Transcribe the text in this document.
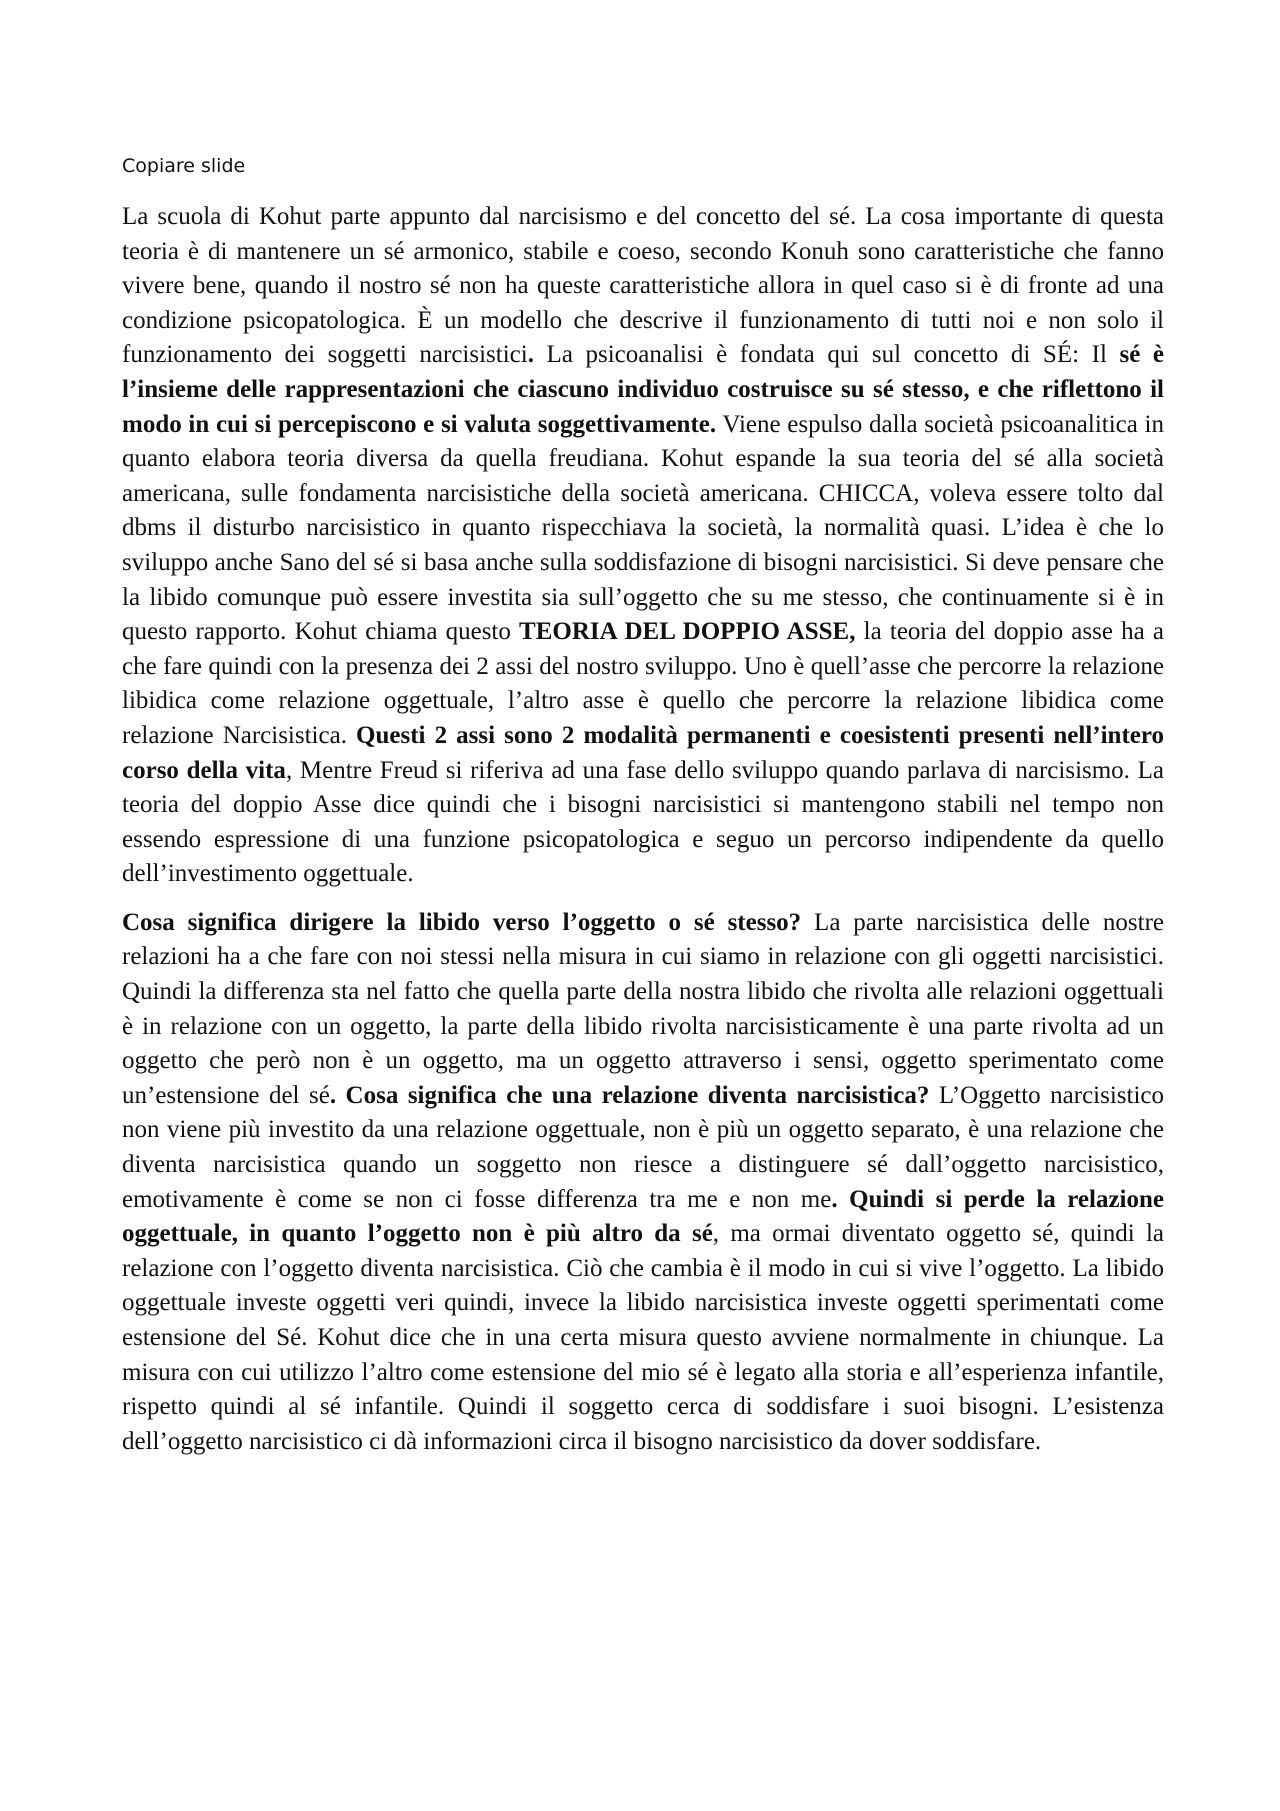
Copiare slide

La scuola di Kohut parte appunto dal narcisismo e del concetto del sé. La cosa importante di questa teoria è di mantenere un sé armonico, stabile e coeso, secondo Konuh sono caratteristiche che fanno vivere bene, quando il nostro sé non ha queste caratteristiche allora in quel caso si è di fronte ad una condizione psicopatologica. È un modello che descrive il funzionamento di tutti noi e non solo il funzionamento dei soggetti narcisistici. La psicoanalisi è fondata qui sul concetto di SÉ: Il sé è l’insieme delle rappresentazioni che ciascuno individuo costruisce su sé stesso, e che riflettono il modo in cui si percepiscono e si valuta soggettivamente. Viene espulso dalla società psicoanalitica in quanto elabora teoria diversa da quella freudiana. Kohut espande la sua teoria del sé alla società americana, sulle fondamenta narcisistiche della società americana. CHICCA, voleva essere tolto dal dbms il disturbo narcisistico in quanto rispecchiava la società, la normalità quasi. L’idea è che lo sviluppo anche Sano del sé si basa anche sulla soddisfazione di bisogni narcisistici. Si deve pensare che la libido comunque può essere investita sia sull’oggetto che su me stesso, che continuamente si è in questo rapporto. Kohut chiama questo TEORIA DEL DOPPIO ASSE, la teoria del doppio asse ha a che fare quindi con la presenza dei 2 assi del nostro sviluppo. Uno è quell’asse che percorre la relazione libidica come relazione oggettuale, l’altro asse è quello che percorre la relazione libidica come relazione Narcisistica. Questi 2 assi sono 2 modalità permanenti e coesistenti presenti nell’intero corso della vita, Mentre Freud si riferiva ad una fase dello sviluppo quando parlava di narcisismo. La teoria del doppio Asse dice quindi che i bisogni narcisistici si mantengono stabili nel tempo non essendo espressione di una funzione psicopatologica e seguo un percorso indipendente da quello dell’investimento oggettuale.

Cosa significa dirigere la libido verso l’oggetto o sé stesso? La parte narcisistica delle nostre relazioni ha a che fare con noi stessi nella misura in cui siamo in relazione con gli oggetti narcisistici. Quindi la differenza sta nel fatto che quella parte della nostra libido che rivolta alle relazioni oggettuali è in relazione con un oggetto, la parte della libido rivolta narcisisticamente è una parte rivolta ad un oggetto che però non è un oggetto, ma un oggetto attraverso i sensi, oggetto sperimentato come un’estensione del sé. Cosa significa che una relazione diventa narcisistica? L’Oggetto narcisistico non viene più investito da una relazione oggettuale, non è più un oggetto separato, è una relazione che diventa narcisistica quando un soggetto non riesce a distinguere sé dall’oggetto narcisistico, emotivamente è come se non ci fosse differenza tra me e non me. Quindi si perde la relazione oggettuale, in quanto l’oggetto non è più altro da sé, ma ormai diventato oggetto sé, quindi la relazione con l’oggetto diventa narcisistica. Ciò che cambia è il modo in cui si vive l’oggetto. La libido oggettuale investe oggetti veri quindi, invece la libido narcisistica investe oggetti sperimentati come estensione del Sé. Kohut dice che in una certa misura questo avviene normalmente in chiunque. La misura con cui utilizzo l’altro come estensione del mio sé è legato alla storia e all’esperienza infantile, rispetto quindi al sé infantile. Quindi il soggetto cerca di soddisfare i suoi bisogni. L’esistenza dell’oggetto narcisistico ci dà informazioni circa il bisogno narcisistico da dover soddisfare.
